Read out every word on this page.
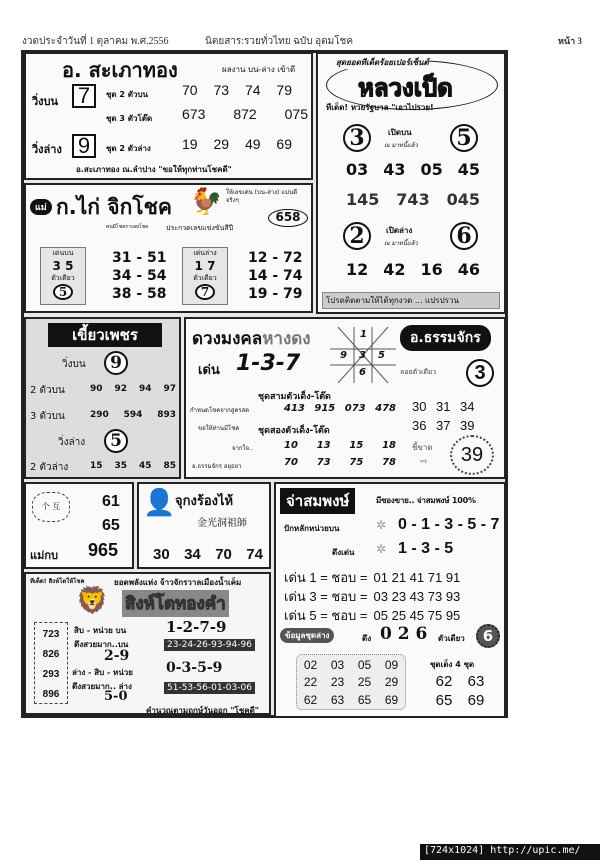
งวดประจำวันที่ 1 ตุลาคม พ.ศ.2556	นิตยสาร:รวยทั่วไทย ฉบับ อุดมโชค	หน้า 3
อ. สะเภาทอง	ผลงาน บน-ล่าง เข้าดี
วิ่งบน 7	ชุด 2 ตัวบน 70 73 74 79
ชุด 3 ตัวโต๊ด 673 872 075
วิ่งล่าง 9	ชุด 2 ตัวล่าง 19 29 49 69
อ.สะเภาทอง ณ.ลำปาง "ขอให้ทุกท่านโชคดี"
สุดยอดทีเด็ดร้อยเปอร์เซ็นต์
หลวงเป็ด
ทีเด็ด! หวยรัฐบาล "เอาไปรวย!
3	เปิดบน
ณ มาทนี้แล้ว 5
03 43 05 45
145 743 045
2	เปิดล่าง
ณ มาทนี้แล้ว 6
12 42 16 46
โปรดติดตามให้ได้ทุกงวด ... แปรปรวน
แม่ ก.ไก่ จิกโชค
คนมีโชคกาเลยโชค
🐓 ให้เลขเด่น (บน-ล่าง) แม่นดีจริงๆ
ประกวดเลขแข่งขันสีปี
658
เด่นบน
3 5
ตัวเดียว
5
31 - 51
34 - 54
38 - 58
เด่นล่าง
1 7
ตัวเดียว
7
12 - 72
14 - 74
19 - 79
เขี้ยวเพชร
วิ่งบน	9
2 ตัวบน	90 92 94 97
3 ตัวบน	290 594 893
วิ่งล่าง	5
2 ตัวล่าง 15 35 45 85
ดวงมงคลหางดง
เด่น 1-3-7
1
9 3 5
6
อ.ธรรมจักร
ลอยตัวเดียว	3
ชุดสามตัวเด็ง-โต๊ด
กำหนดโชคจากสูตรสด	413 915 073 478
ขอให้ท่านมีโชค ชุดสองตัวเด็ง-โต๊ด
จากใจ..
อ.ธรรมจักร อยุธยา
10 13 15 18
70 73 75 78
30 31 34
36 37 39
ชี้ขาด
⇨	39
个 互	61
65
แม่กบ 965
👤 จุกงร้องไห้
金光洞祖師
30 34 70 74
ทีเด็ด! สิงห์โตให้โชค
🦁
ยอดพลังแห่ง จ้าวจักรวาลเมืองน้ำเค็ม
สิงห์โตทองคำ
723
826
293
896
สิบ - หน่วย บน	1-2-7-9
ตึงสวยมาก..บน
2-9
23-24-26-93-94-96
ล่าง - สิบ - หน่วย 0-3-5-9
ตึงสวยมาก.. ล่าง
5-0
51-53-56-01-03-06
คำนวณตามฤกษ์วันออก "โชคดี"
จ่าสมพงษ์	มีซองขาย.. จ่าสมพงษ์ 100%
ปักหลักหน่วยบน	✲ 0 - 1 - 3 - 5 - 7
ดึงเด่น ✲ 1 - 3 - 5
เด่น 1 = ชอบ = 01 21 41 71 91
เด่น 3 = ชอบ = 03 23 43 73 93
เด่น 5 = ชอบ = 05 25 45 75 95
ข้อมูลชุดล่าง	ดึง 0 2 6 ตัวเดียว	6
02	03	05	09
22	23	25	29
62	63	65	69
ชุดเด็ง 4 ชุด
62	63
65	69
[724x1024] http://upic.me/
